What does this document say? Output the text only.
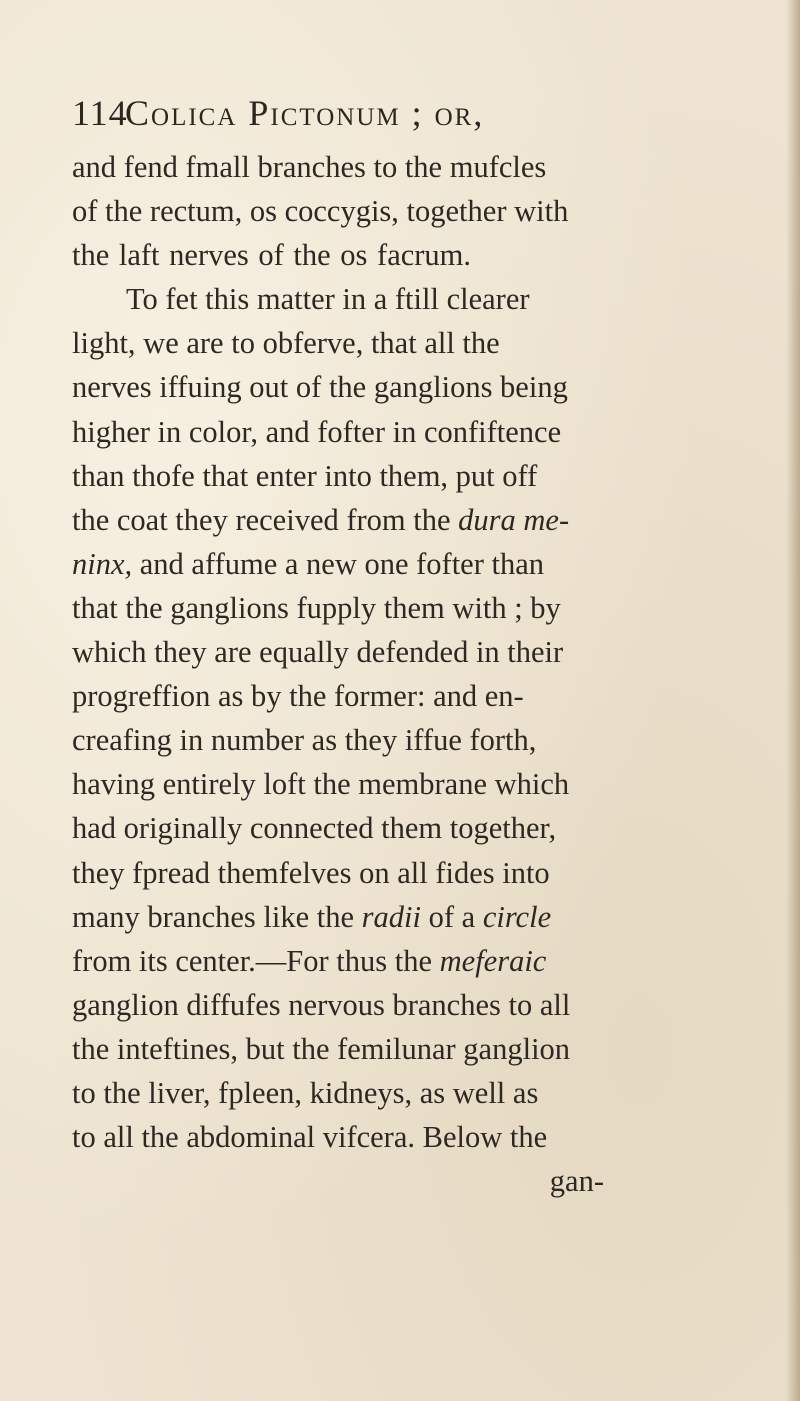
114
Colica Pictonum ; or,
and fend fmall branches to the mufcles
of the rectum, os coccygis, together with
the laft nerves of the os facrum.
To fet this matter in a ftill clearer
light, we are to obferve, that all the
nerves iffuing out of the ganglions being
higher in color, and fofter in confiftence
than thofe that enter into them, put off
the coat they received from the dura me-
ninx, and affume a new one fofter than
that the ganglions fupply them with ; by
which they are equally defended in their
progreffion as by the former: and en-
creafing in number as they iffue forth,
having entirely loft the membrane which
had originally connected them together,
they fpread themfelves on all fides into
many branches like the radii of a circle
from its center.—For thus the meferaic
ganglion diffufes nervous branches to all
the inteftines, but the femilunar ganglion
to the liver, fpleen, kidneys, as well as
to all the abdominal vifcera. Below the
gan-
